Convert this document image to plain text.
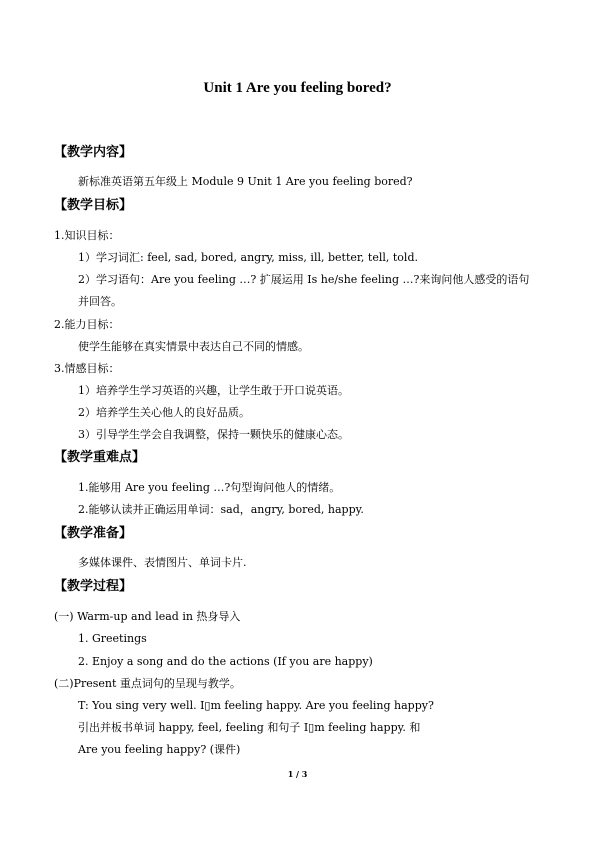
Unit 1 Are you feeling bored?
【教学内容】
新标准英语第五年级上 Module 9 Unit 1 Are you feeling bored?
【教学目标】
1.知识目标：
1）学习词汇: feel, sad, bored, angry, miss, ill, better, tell, told.
2）学习语句：Are you feeling …? 扩展运用 Is he/she feeling …?来询问他人感受的语句
并回答。
2.能力目标：
使学生能够在真实情景中表达自己不同的情感。
3.情感目标：
1）培养学生学习英语的兴趣，让学生敢于开口说英语。
2）培养学生关心他人的良好品质。
3）引导学生学会自我调整，保持一颗快乐的健康心态。
【教学重难点】
1.能够用 Are you feeling …?句型询问他人的情绪。
2.能够认读并正确运用单词：sad，angry, bored, happy.
【教学准备】
多媒体课件、表情图片、单词卡片.
【教学过程】
(一) Warm-up and lead in 热身导入
1. Greetings
2. Enjoy a song and do the actions (If you are happy)
(二)Present 重点词句的呈现与教学。
T: You sing very well. I▯m feeling happy. Are you feeling happy?
引出并板书单词 happy, feel, feeling 和句子 I▯m feeling happy. 和
Are you feeling happy? (课件)
1 / 3
